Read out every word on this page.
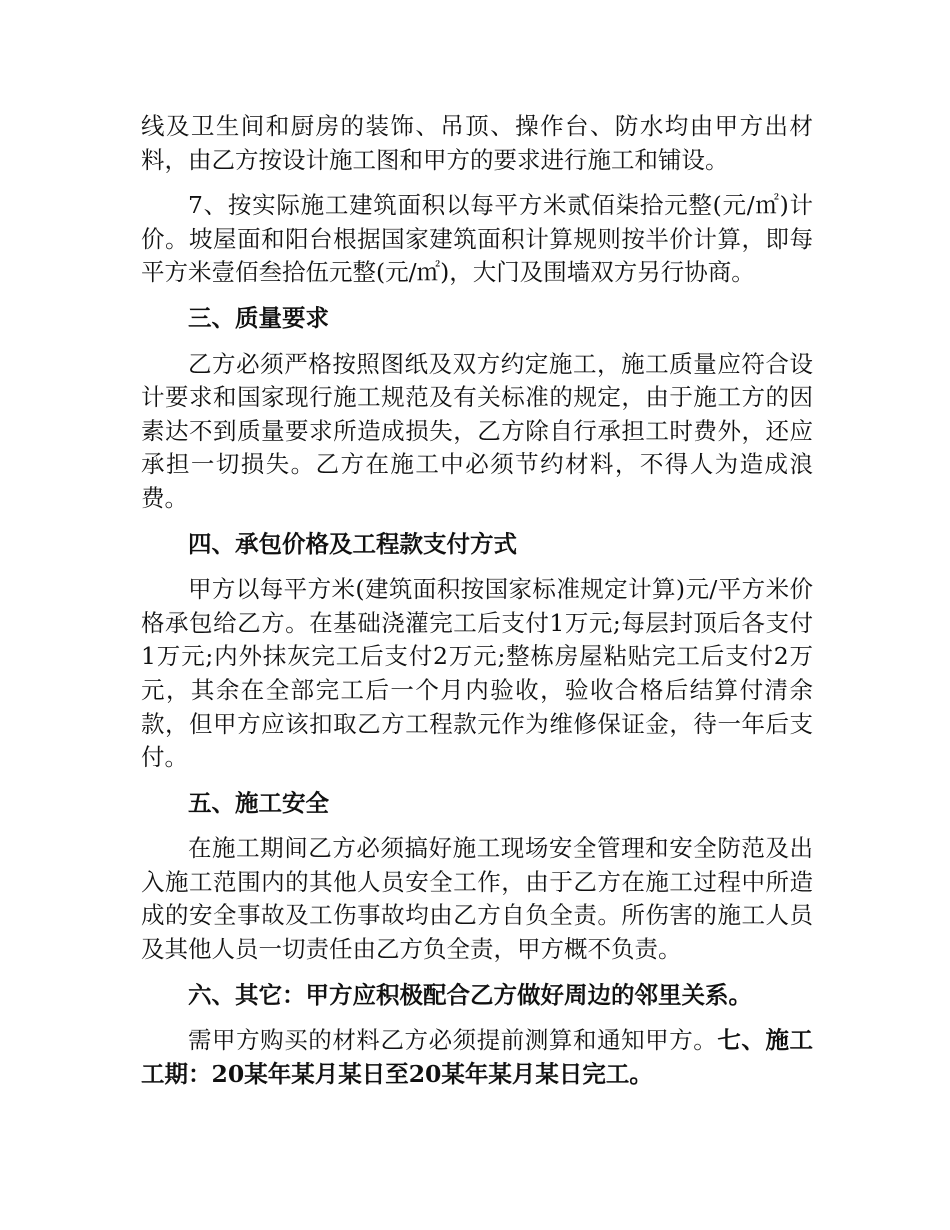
线及卫生间和厨房的装饰、吊顶、操作台、防水均由甲方出材料，由乙方按设计施工图和甲方的要求进行施工和铺设。

7、按实际施工建筑面积以每平方米贰佰柒拾元整(元/㎡)计价。坡屋面和阳台根据国家建筑面积计算规则按半价计算，即每平方米壹佰叁拾伍元整(元/㎡)，大门及围墙双方另行协商。

三、质量要求

乙方必须严格按照图纸及双方约定施工，施工质量应符合设计要求和国家现行施工规范及有关标准的规定，由于施工方的因素达不到质量要求所造成损失，乙方除自行承担工时费外，还应承担一切损失。乙方在施工中必须节约材料，不得人为造成浪费。

四、承包价格及工程款支付方式

甲方以每平方米(建筑面积按国家标准规定计算)元/平方米价格承包给乙方。在基础浇灌完工后支付1万元;每层封顶后各支付1万元;内外抹灰完工后支付2万元;整栋房屋粘贴完工后支付2万元，其余在全部完工后一个月内验收，验收合格后结算付清余款，但甲方应该扣取乙方工程款元作为维修保证金，待一年后支付。

五、施工安全

在施工期间乙方必须搞好施工现场安全管理和安全防范及出入施工范围内的其他人员安全工作，由于乙方在施工过程中所造成的安全事故及工伤事故均由乙方自负全责。所伤害的施工人员及其他人员一切责任由乙方负全责，甲方概不负责。

六、其它：甲方应积极配合乙方做好周边的邻里关系。

需甲方购买的材料乙方必须提前测算和通知甲方。七、施工工期：20某年某月某日至20某年某月某日完工。
